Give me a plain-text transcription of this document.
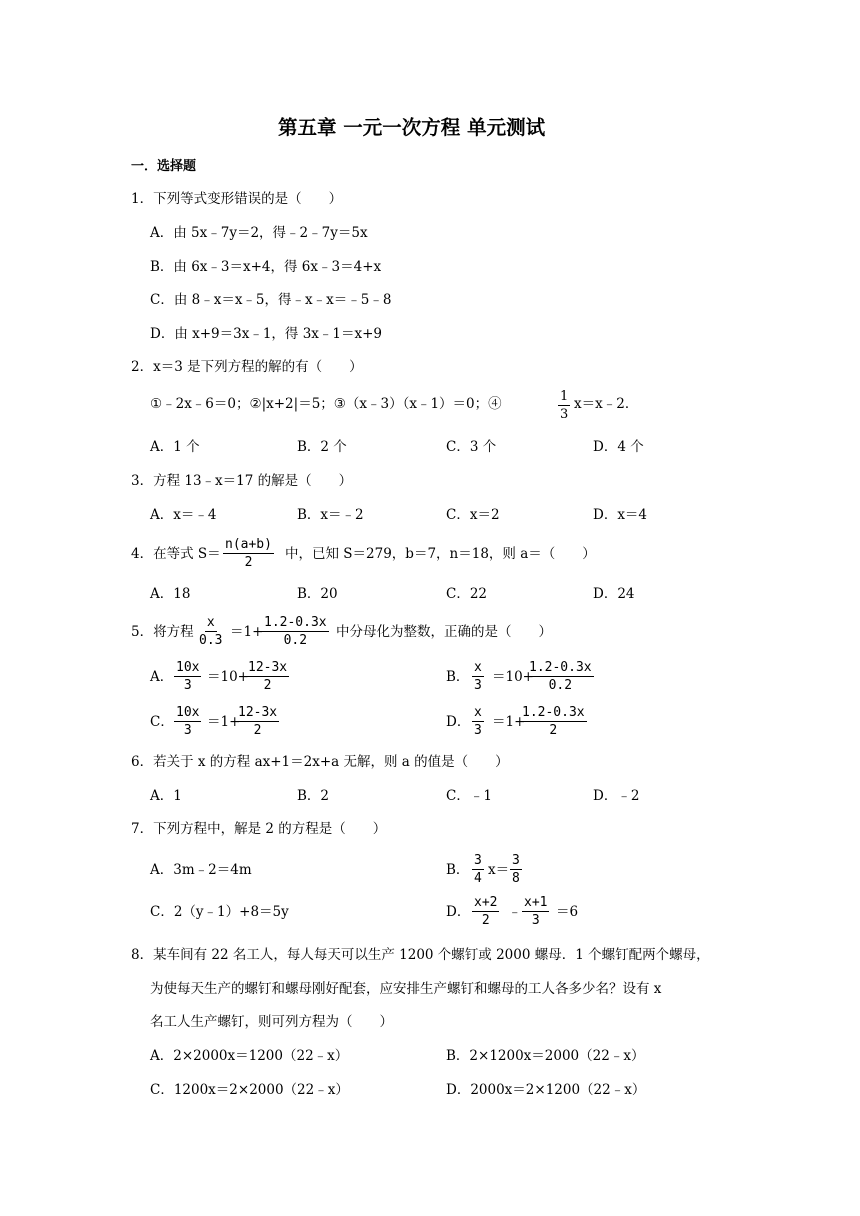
第五章 一元一次方程 单元测试
一．选择题
1．下列等式变形错误的是（　　）
A．由 5x﹣7y＝2，得﹣2﹣7y＝5x
B．由 6x﹣3＝x+4，得 6x﹣3＝4+x
C．由 8﹣x＝x﹣5，得﹣x﹣x＝﹣5﹣8
D．由 x+9＝3x﹣1，得 3x﹣1＝x+9
2．x＝3 是下列方程的解的有（　　）
①﹣2x﹣6＝0；②|x+2|＝5；③（x﹣3）（x﹣1）＝0；④	$\frac{1}{3}$ x＝x﹣2．
A．1 个	B．2 个	C．3 个	D．4 个
3．方程 13﹣x＝17 的解是（　　）
A．x＝﹣4	B．x＝﹣2	C．x＝2	D．x＝4
4．在等式 $S= \frac{n(a+b)}{2}$ 中，已知 S＝279，b＝7，n＝18，则 a＝（　　）
A．18	B．20	C．22	D．24
5．将方程 $\frac{x}{0.3} =1+$
$\frac{1.2-0.3x}{0.2}$ 中分母化为整数，正确的是（　　）
A． $\frac{10x}{3} =10+$
$\frac{12-3x}{2}$	B． $\frac{x}{3} =10+$
$\frac{1.2-0.3x}{0.2}$
C． $\frac{10x}{3} =1+$
$\frac{12-3x}{2}$	D． $\frac{x}{3} =1+$
$\frac{1.2-0.3x}{2}$
6．若关于 x 的方程 ax+1＝2x+a 无解，则 a 的值是（　　）
A．1	B．2	C．﹣1	D．﹣2
7．下列方程中，解是 2 的方程是（　　）
A．3m﹣2＝4m	B． $\frac{3}{4} x= \frac{3}{8}$
C．2（y﹣1）+8＝5y	D． $\frac{x+2}{2}$ ﹣ $\frac{x+1}{3} =6$
8．某车间有 22 名工人，每人每天可以生产 1200 个螺钉或 2000 螺母．1 个螺钉配两个螺母，
为使每天生产的螺钉和螺母刚好配套，应安排生产螺钉和螺母的工人各多少名？设有 x
名工人生产螺钉，则可列方程为（　　）
A．2×2000x＝1200（22﹣x）	B．2×1200x＝2000（22﹣x）
C．1200x＝2×2000（22﹣x）	D．2000x＝2×1200（22﹣x）
